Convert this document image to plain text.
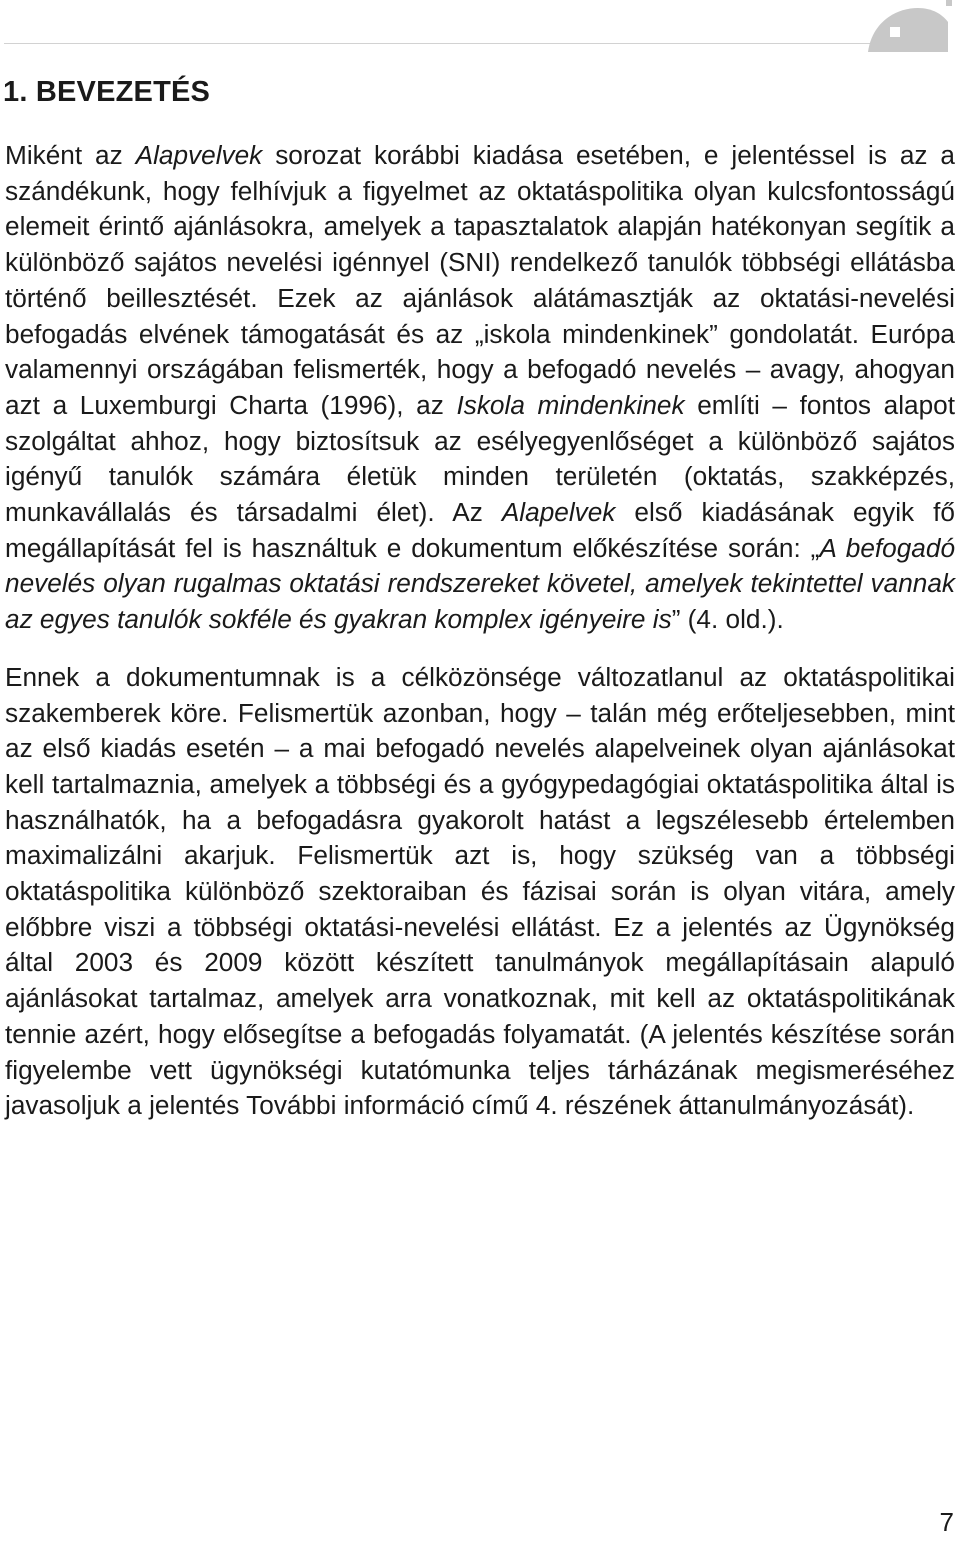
1. BEVEZETÉS

Miként az Alapvelvek sorozat korábbi kiadása esetében, e jelentéssel is az a szándékunk, hogy felhívjuk a figyelmet az oktatáspolitika olyan kulcsfontosságú elemeit érintő ajánlásokra, amelyek a tapasztalatok alapján hatékonyan segítik a különböző sajátos nevelési igénnyel (SNI) rendelkező tanulók többségi ellátásba történő beillesztését. Ezek az ajánlások alátámasztják az oktatási-nevelési befogadás elvének támogatását és az „iskola mindenkinek” gondolatát. Európa valamennyi országában felismerték, hogy a befogadó nevelés – avagy, ahogyan azt a Luxemburgi Charta (1996), az Iskola mindenkinek említi – fontos alapot szolgáltat ahhoz, hogy biztosítsuk az esélyegyenlőséget a különböző sajátos igényű tanulók számára életük minden területén (oktatás, szakképzés, munkavállalás és társadalmi élet). Az Alapelvek első kiadásának egyik fő megállapítását fel is használtuk e dokumentum előkészítése során: „A befogadó nevelés olyan rugalmas oktatási rendszereket követel, amelyek tekintettel vannak az egyes tanulók sokféle és gyakran komplex igényeire is” (4. old.).

Ennek a dokumentumnak is a célközönsége változatlanul az oktatáspolitikai szakemberek köre. Felismertük azonban, hogy – talán még erőteljesebben, mint az első kiadás esetén – a mai befogadó nevelés alapelveinek olyan ajánlásokat kell tartalmaznia, amelyek a többségi és a gyógypedagógiai oktatáspolitika által is használhatók, ha a befogadásra gyakorolt hatást a legszélesebb értelemben maximalizálni akarjuk. Felismertük azt is, hogy szükség van a többségi oktatáspolitika különböző szektoraiban és fázisai során is olyan vitára, amely előbbre viszi a többségi oktatási-nevelési ellátást. Ez a jelentés az Ügynökség által 2003 és 2009 között készített tanulmányok megállapításain alapuló ajánlásokat tartalmaz, amelyek arra vonatkoznak, mit kell az oktatáspolitikának tennie azért, hogy elősegítse a befogadás folyamatát. (A jelentés készítése során figyelembe vett ügynökségi kutatómunka teljes tárházának megismeréséhez javasoljuk a jelentés További információ című 4. részének áttanulmányozását).

7
